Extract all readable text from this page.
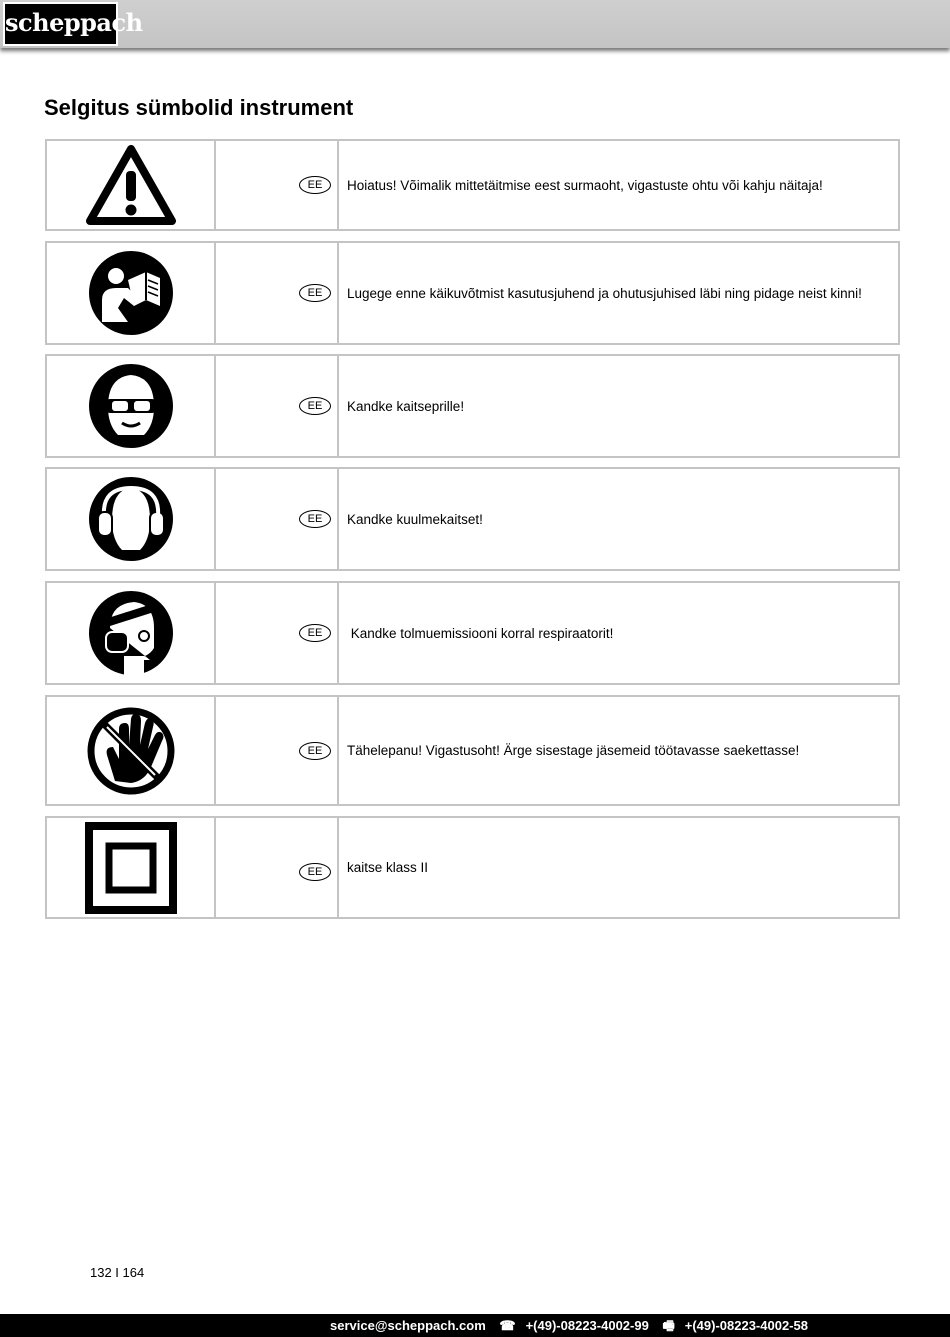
scheppach
Selgitus sümbolid instrument
EE	Hoiatus! Võimalik mittetäitmise eest surmaoht, vigastuste ohtu või kahju näitaja!
EE	Lugege enne käikuvõtmist kasutusjuhend ja ohutusjuhised läbi ning pidage neist kinni!
EE	Kandke kaitseprille!
EE	Kandke kuulmekaitset!
EE	Kandke tolmuemissiooni korral respiraatorit!
EE	Tähelepanu! Vigastusoht! Ärge sisestage jäsemeid töötavasse saekettasse!
EE	kaitse klass II
132 I 164
service@scheppach.com ☎ +(49)-08223-4002-99 🖷 +(49)-08223-4002-58
